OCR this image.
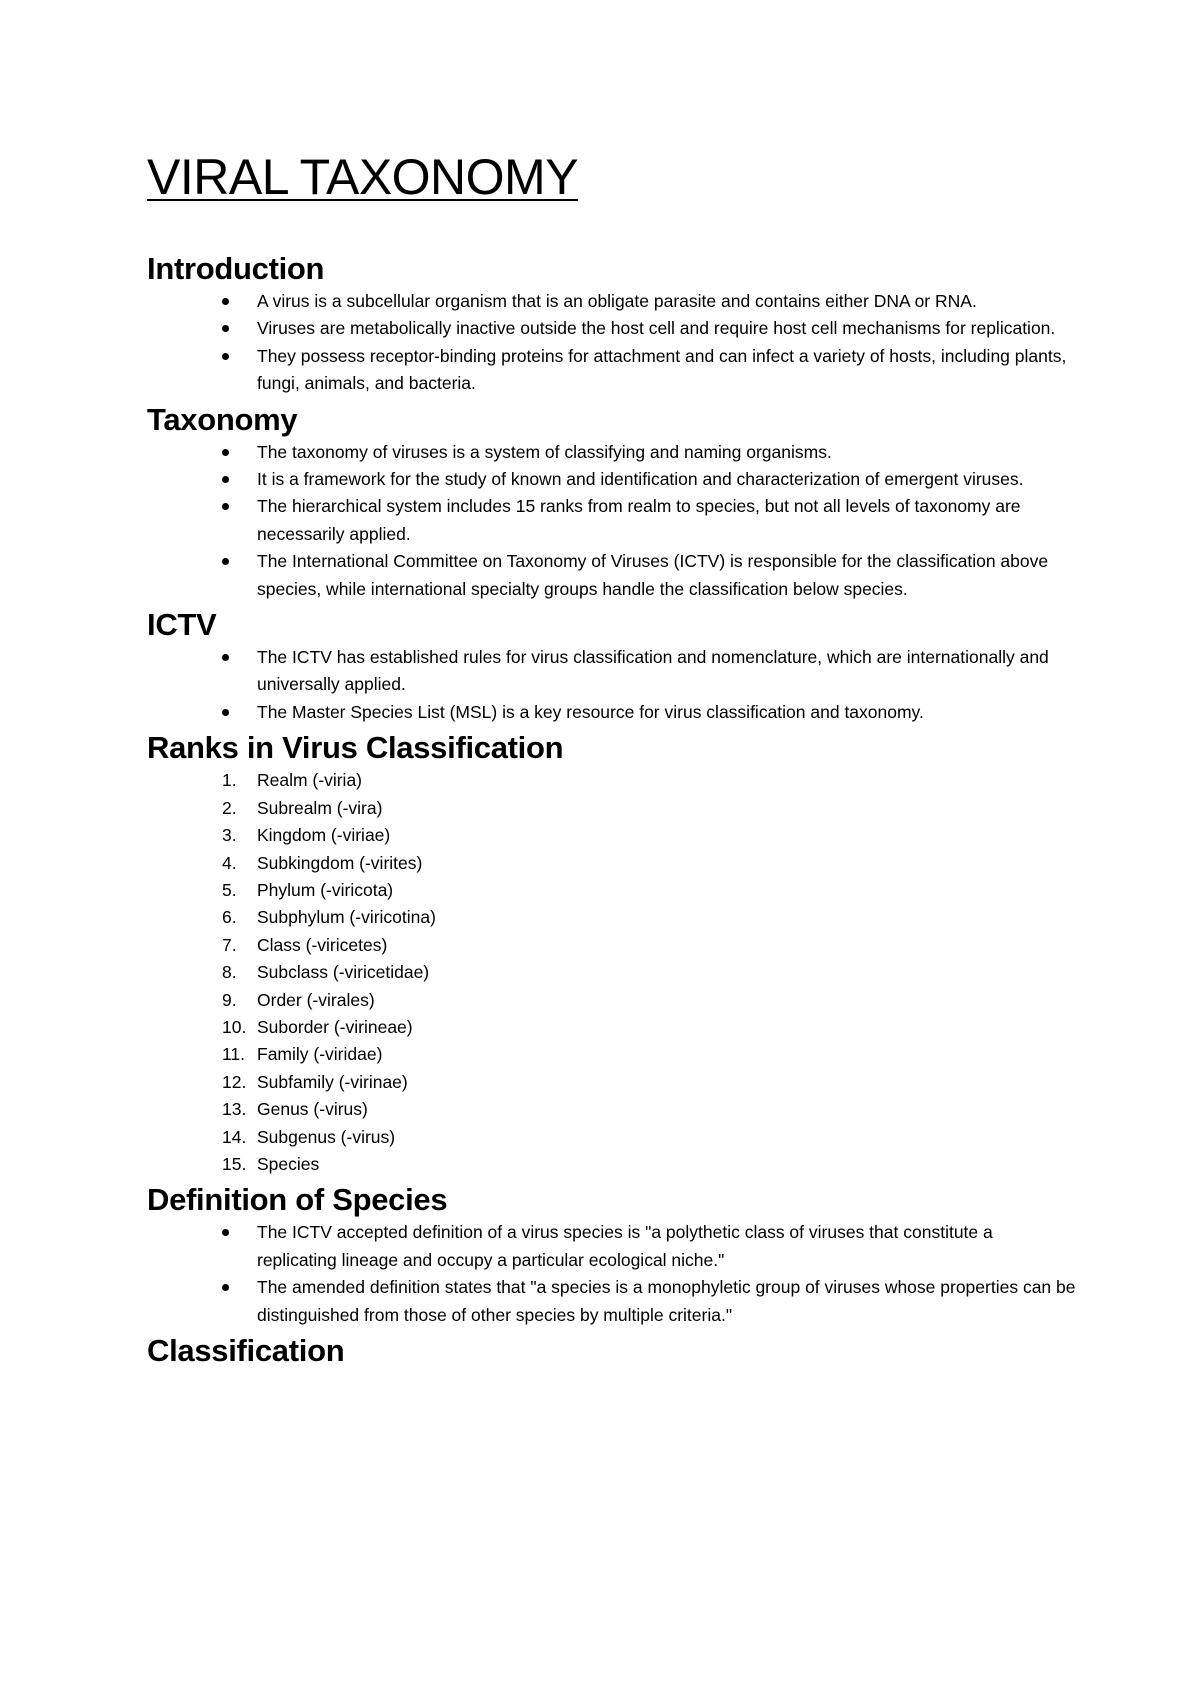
VIRAL TAXONOMY
Introduction
A virus is a subcellular organism that is an obligate parasite and contains either DNA or RNA.
Viruses are metabolically inactive outside the host cell and require host cell mechanisms for replication.
They possess receptor-binding proteins for attachment and can infect a variety of hosts, including plants, fungi, animals, and bacteria.
Taxonomy
The taxonomy of viruses is a system of classifying and naming organisms.
It is a framework for the study of known and identification and characterization of emergent viruses.
The hierarchical system includes 15 ranks from realm to species, but not all levels of taxonomy are necessarily applied.
The International Committee on Taxonomy of Viruses (ICTV) is responsible for the classification above species, while international specialty groups handle the classification below species.
ICTV
The ICTV has established rules for virus classification and nomenclature, which are internationally and universally applied.
The Master Species List (MSL) is a key resource for virus classification and taxonomy.
Ranks in Virus Classification
1. Realm (-viria)
2. Subrealm (-vira)
3. Kingdom (-viriae)
4. Subkingdom (-virites)
5. Phylum (-viricota)
6. Subphylum (-viricotina)
7. Class (-viricetes)
8. Subclass (-viricetidae)
9. Order (-virales)
10. Suborder (-virineae)
11. Family (-viridae)
12. Subfamily (-virinae)
13. Genus (-virus)
14. Subgenus (-virus)
15. Species
Definition of Species
The ICTV accepted definition of a virus species is "a polythetic class of viruses that constitute a replicating lineage and occupy a particular ecological niche."
The amended definition states that "a species is a monophyletic group of viruses whose properties can be distinguished from those of other species by multiple criteria."
Classification
